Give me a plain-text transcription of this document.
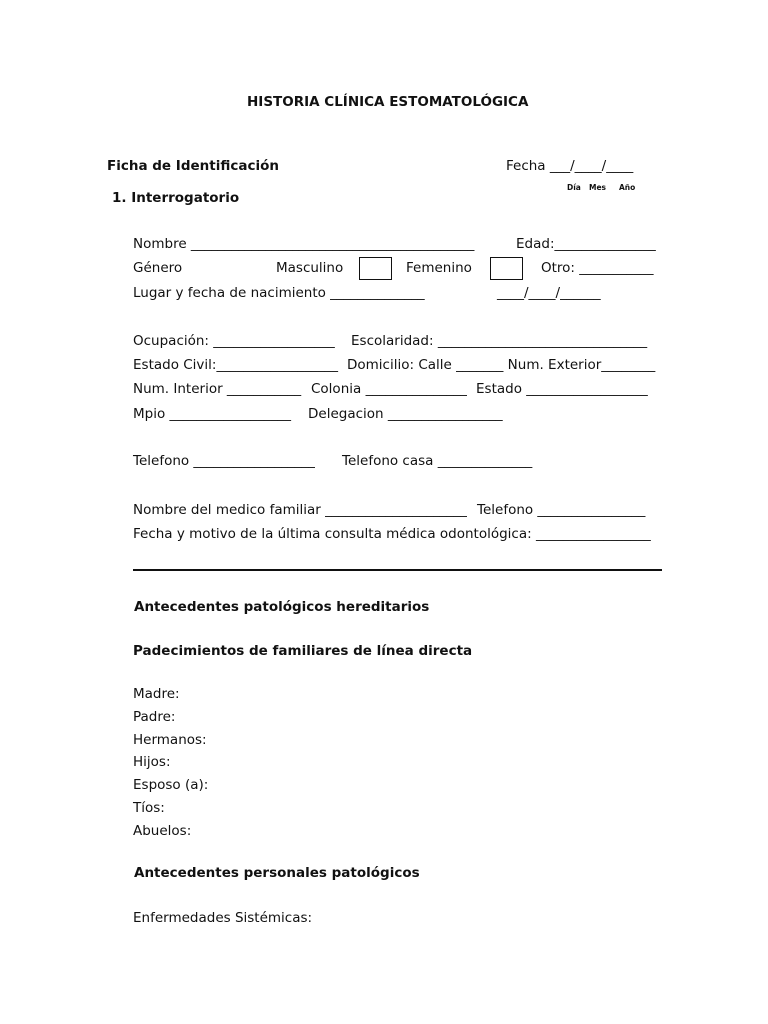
HISTORIA CLÍNICA ESTOMATOLÓGICA
Ficha de Identificación	Fecha ___/____/____
Día Mes Año
1. Interrogatorio
Nombre __________________________________________	Edad:_______________
Género	Masculino	Femenino	Otro: ___________
Lugar y fecha de nacimiento ______________	____/____/______
Ocupación: __________________ Escolaridad: _______________________________
Estado Civil:__________________ Domicilio: Calle _______ Num. Exterior________
Num. Interior ___________ Colonia _______________ Estado __________________
Mpio __________________ Delegacion _________________
Telefono __________________ Telefono casa ______________
Nombre del medico familiar _____________________ Telefono ________________
Fecha y motivo de la última consulta médica odontológica: _________________
Antecedentes patológicos hereditarios
Padecimientos de familiares de línea directa
Madre:
Padre:
Hermanos:
Hijos:
Esposo (a):
Tíos:
Abuelos:
Antecedentes personales patológicos
Enfermedades Sistémicas:
